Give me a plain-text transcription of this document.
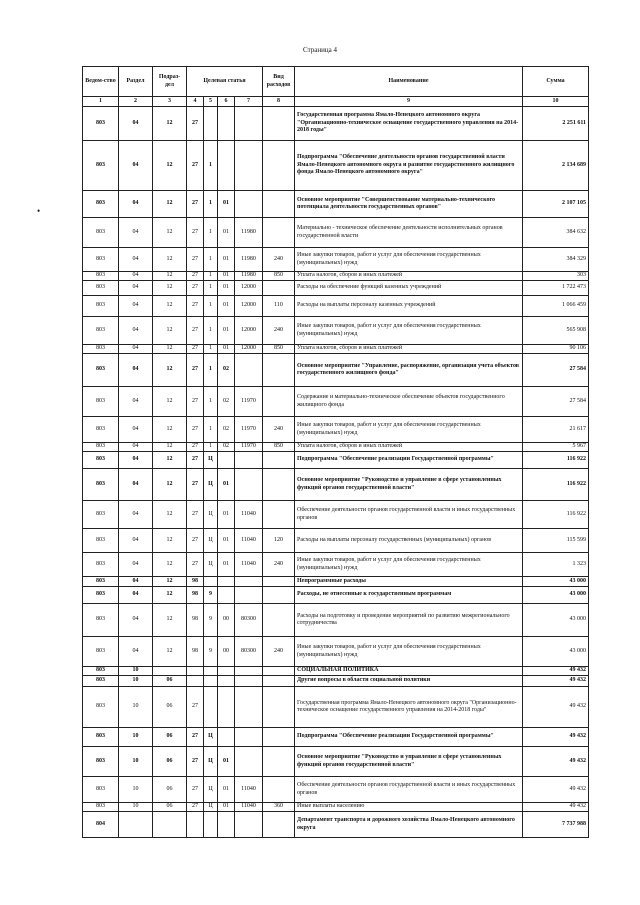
Страница 4
•
Ведом-ство	Раздел	Подраз-дел	Целевая статья				Вид расходов	Наименование	Сумма
1	2	3	4	5	6	7	8	9	10
803	04	12	27					Государственная программа Ямало-Ненецкого автономного округа "Организационно-техническое оснащение государственного управления на 2014-2018 годы"	2 251 611
803	04	12	27	1				Подпрограмма "Обеспечение деятельности органов государственной власти Ямало-Ненецкого автономного округа и развитие государственного жилищного фонда Ямало-Ненецкого автономного округа"	2 134 689
803	04	12	27	1	01			Основное мероприятие "Совершенствование материально-технического потенциала деятельности государственных органов"	2 107 105
803	04	12	27	1	01	11980		Материально - техническое обеспечение деятельности исполнительных органов государственной власти	384 632
803	04	12	27	1	01	11980	240	Иные закупки товаров, работ и услуг для обеспечения государственных (муниципальных) нужд	384 329
803	04	12	27	1	01	11980	850	Уплата налогов, сборов и иных платежей	303
803	04	12	27	1	01	12000		Расходы на обеспечение функций казенных учреждений	1 722 473
803	04	12	27	1	01	12000	110	Расходы на выплаты персоналу казенных учреждений	1 066 459
803	04	12	27	1	01	12000	240	Иные закупки товаров, работ и услуг для обеспечения государственных (муниципальных) нужд	565 908
803	04	12	27	1	01	12000	850	Уплата налогов, сборов и иных платежей	90 106
803	04	12	27	1	02			Основное мероприятие "Управление, распоряжение, организация учета объектов государственного жилищного фонда"	27 584
803	04	12	27	1	02	11970		Содержание и материально-техническое обеспечение объектов государственного жилищного фонда	27 584
803	04	12	27	1	02	11970	240	Иные закупки товаров, работ и услуг для обеспечения государственных (муниципальных) нужд	21 617
803	04	12	27	1	02	11970	850	Уплата налогов, сборов и иных платежей	5 967
803	04	12	27	Ц				Подпрограмма "Обеспечение реализации Государственной программы"	116 922
803	04	12	27	Ц	01			Основное мероприятие "Руководство и управление в сфере установленных функций органов государственной власти"	116 922
803	04	12	27	Ц	01	11040		Обеспечение деятельности органов государственной власти и иных государственных органов	116 922
803	04	12	27	Ц	01	11040	120	Расходы на выплаты персоналу государственных (муниципальных) органов	115 599
803	04	12	27	Ц	01	11040	240	Иные закупки товаров, работ и услуг для обеспечения государственных (муниципальных) нужд	1 323
803	04	12	98					Непрограммные расходы	43 000
803	04	12	98	9				Расходы, не отнесенные к государственным программам	43 000
803	04	12	98	9	00	80300		Расходы на подготовку и проведение мероприятий по развитию межрегионального сотрудничества	43 000
803	04	12	98	9	00	80300	240	Иные закупки товаров, работ и услуг для обеспечения государственных (муниципальных) нужд	43 000
803	10							СОЦИАЛЬНАЯ ПОЛИТИКА	49 432
803	10	06						Другие вопросы в области социальной политики	49 432
803	10	06	27					Государственная программа Ямало-Ненецкого автономного округа "Организационно-техническое оснащение государственного управления на 2014-2018 годы"	49 432
803	10	06	27	Ц				Подпрограмма "Обеспечение реализации Государственной программы"	49 432
803	10	06	27	Ц	01			Основное мероприятие "Руководство и управление в сфере установленных функций органов государственной власти"	49 432
803	10	06	27	Ц	01	11040		Обеспечение деятельности органов государственной власти и иных государственных органов	49 432
803	10	06	27	Ц	01	11040	360	Иные выплаты населению	49 432
804								Департамент транспорта и дорожного хозяйства Ямало-Ненецкого автономного округа	7 737 988
